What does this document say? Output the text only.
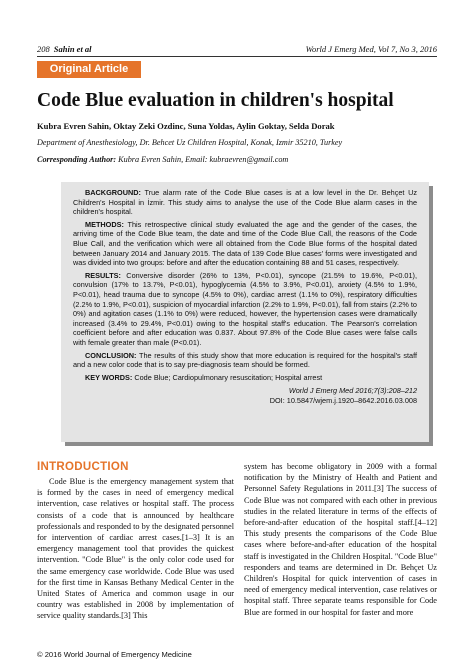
208 Sahin et al	World J Emerg Med, Vol 7, No 3, 2016
Original Article
Code Blue evaluation in children's hospital
Kubra Evren Sahin, Oktay Zeki Ozdinc, Suna Yoldas, Aylin Goktay, Selda Dorak
Department of Anesthesiology, Dr. Behcet Uz Children Hospital, Konak, Izmir 35210, Turkey
Corresponding Author: Kubra Evren Sahin, Email: kubraevren@gmail.com

BACKGROUND: True alarm rate of the Code Blue cases is at a low level in the Dr. Behçet Uz Children's Hospital in İzmir. This study aims to analyse the use of the Code Blue alarm cases in the children's hospital.

METHODS: This retrospective clinical study evaluated the age and the gender of the cases, the arriving time of the Code Blue team, the date and time of the Code Blue Call, the reasons of the Code Blue Call, and the verification which were all obtained from the Code Blue forms of the hospital dated between January 2014 and January 2015. The data of 139 Code Blue cases' forms were investigated and was divided into two groups: before and after the education containing 88 and 51 cases, respectively.

RESULTS: Conversive disorder (26% to 13%, P<0.01), syncope (21.5% to 19.6%, P<0.01), convulsion (17% to 13.7%, P<0.01), hypoglycemia (4.5% to 3.9%, P<0.01), anxiety (4.5% to 1.9%, P<0.01), head trauma due to syncope (4.5% to 0%), cardiac arrest (1.1% to 0%), respiratory difficulties (2.2% to 1.9%, P<0.01), suspicion of myocardial infarction (2.2% to 1.9%, P<0.01), fall from stairs (2.2% to 0%) and agitation cases (1.1% to 0%) were reduced, however, the hypertension cases were dramatically increased (3.4% to 29.4%, P<0.01) owing to the hospital staff's education. The Pearson's correlation coefficient before and after education was 0.837. About 97.8% of the Code Blue cases were false calls with female greater than male (P<0.01).

CONCLUSION: The results of this study show that more education is required for the hospital's staff and a new color code that is to say pre-diagnosis team should be formed.

KEY WORDS: Code Blue; Cardiopulmonary resuscitation; Hospital arrest

World J Emerg Med 2016;7(3):208–212

DOI: 10.5847/wjem.j.1920–8642.2016.03.008

INTRODUCTION

Code Blue is the emergency management system that is formed by the cases in need of emergency medical intervention, case relatives or hospital staff. The process consists of a code that is announced by healthcare professionals and responded to by the designated personnel for intervention of cardiac arrest cases.[1–3] It is an emergency management tool that provides the quickest intervention. "Code Blue" is the only color code used for the same emergency case worldwide. Code Blue was used for the first time in Kansas Bethany Medical Center in the United States of America and common usage in our country was established in 2008 by implementation of service quality standards.[3] This

system has become obligatory in 2009 with a formal notification by the Ministry of Health and Patient and Personnel Safety Regulations in 2011.[3] The success of Code Blue was not compared with each other in previous studies in the related literature in terms of the effects of before-and-after education of the hospital staff.[4–12] This study presents the comparisons of the Code Blue cases where before-and-after education of the hospital staff is investigated in the Children Hospital. "Code Blue" responders and teams are determined in Dr. Behçet Uz Children's Hospital for quick intervention of cases in need of emergency medical intervention, case relatives or hospital staff. Three separate teams responsible for Code Blue are formed in our hospital for faster and more

© 2016 World Journal of Emergency Medicine
